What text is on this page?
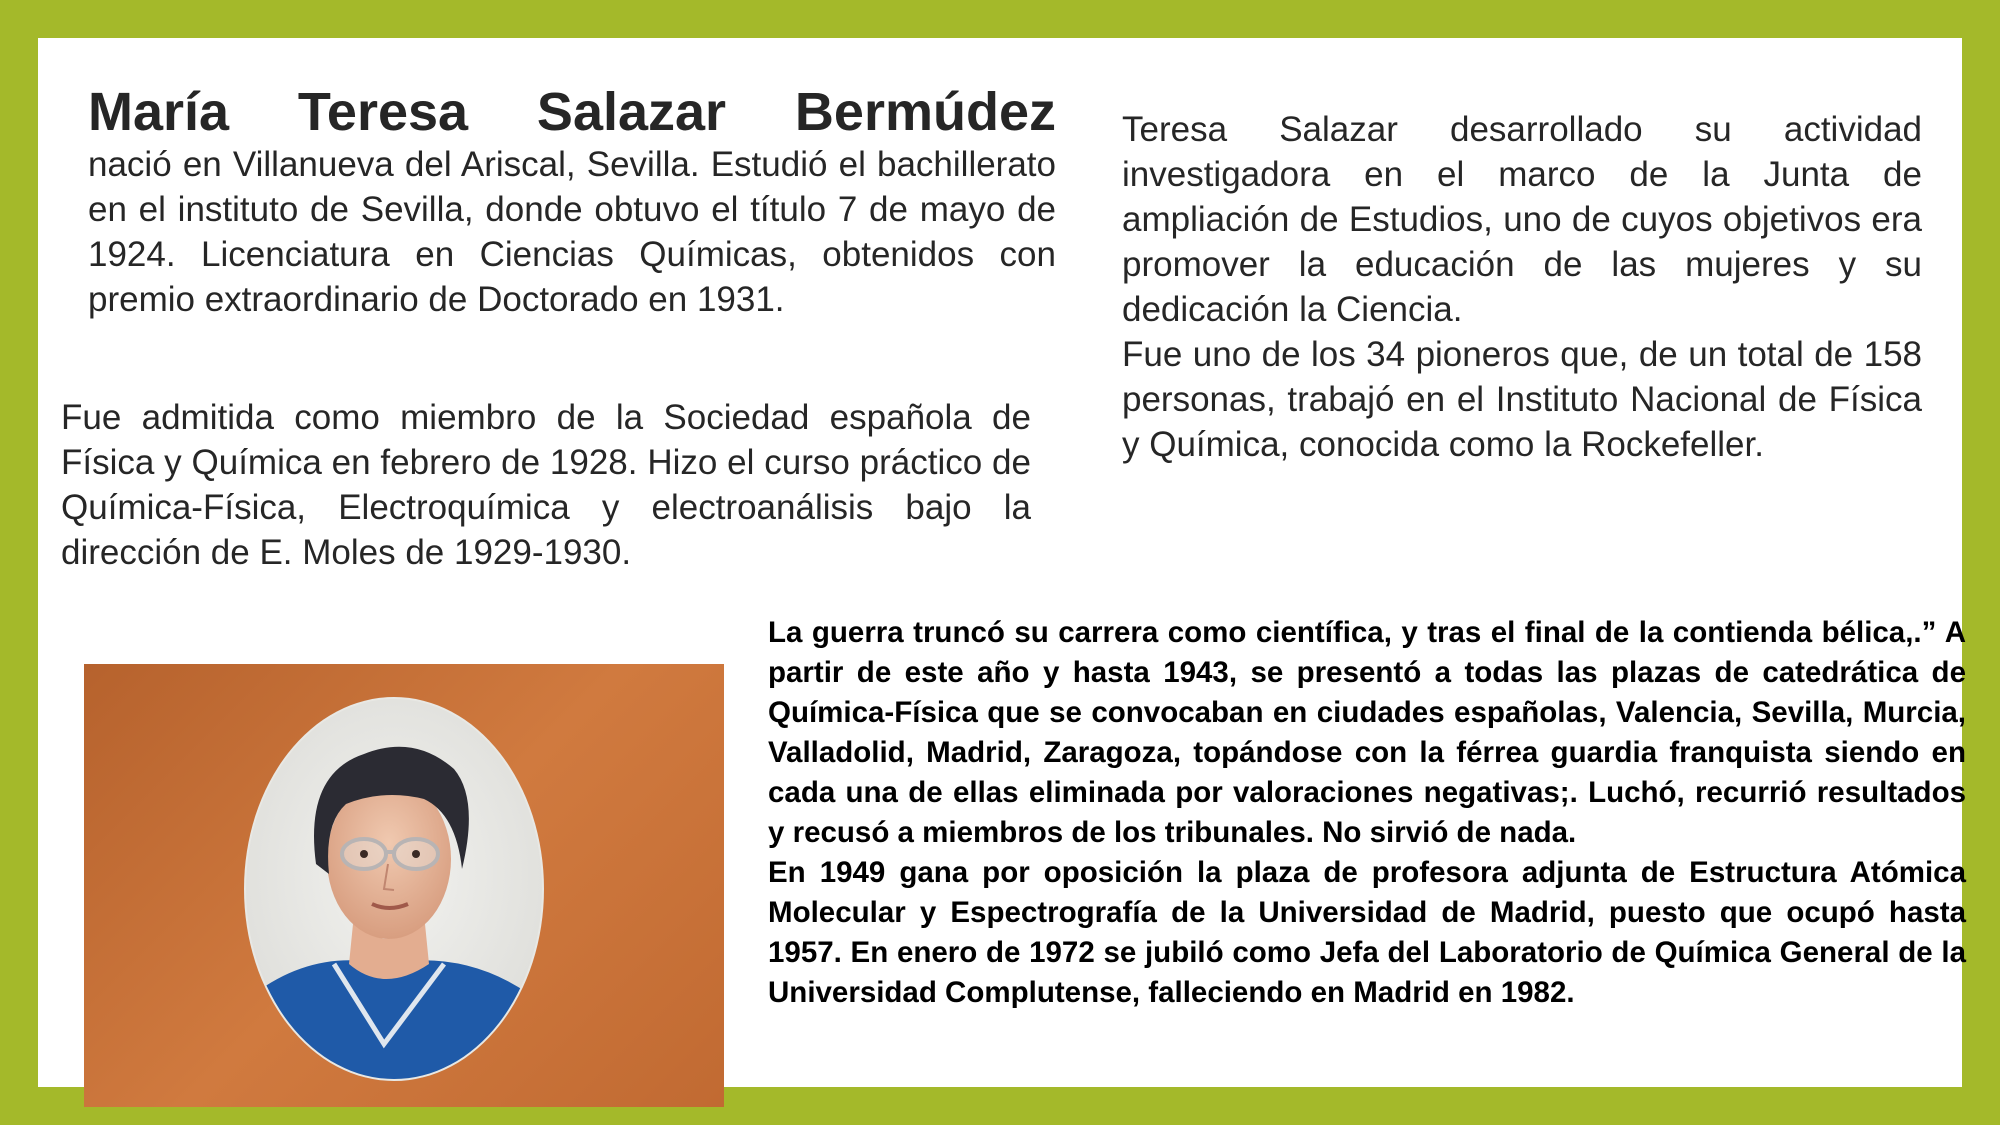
María Teresa Salazar Bermúdez

nació en Villanueva del Ariscal, Sevilla. Estudió el bachillerato en el instituto de Sevilla, donde obtuvo el título 7 de mayo de 1924. Licenciatura en Ciencias Químicas, obtenidos con premio extraordinario de Doctorado en 1931.

Fue admitida como miembro de la Sociedad española de Física y Química en febrero de 1928. Hizo el curso práctico de Química-Física, Electroquímica y electroanálisis bajo la dirección de E. Moles de 1929-1930.

Teresa Salazar desarrollado su actividad investigadora en el marco de la Junta de ampliación de Estudios, uno de cuyos objetivos era promover la educación de las mujeres y su dedicación la Ciencia.

Fue uno de los 34 pioneros que, de un total de 158 personas, trabajó en el Instituto Nacional de Física y Química, conocida como la Rockefeller.

La guerra truncó su carrera como científica, y tras el final de la contienda bélica,.” A partir de este año y hasta 1943, se presentó a todas las plazas de catedrática de Química-Física que se convocaban en ciudades españolas, Valencia, Sevilla, Murcia, Valladolid, Madrid, Zaragoza, topándose con la férrea guardia franquista siendo en cada una de ellas eliminada por valoraciones negativas;. Luchó, recurrió resultados y recusó a miembros de los tribunales. No sirvió de nada.

En 1949 gana por oposición la plaza de profesora adjunta de Estructura Atómica Molecular y Espectrografía de la Universidad de Madrid, puesto que ocupó hasta 1957. En enero de 1972 se jubiló como Jefa del Laboratorio de Química General de la Universidad Complutense, falleciendo en Madrid en 1982.
